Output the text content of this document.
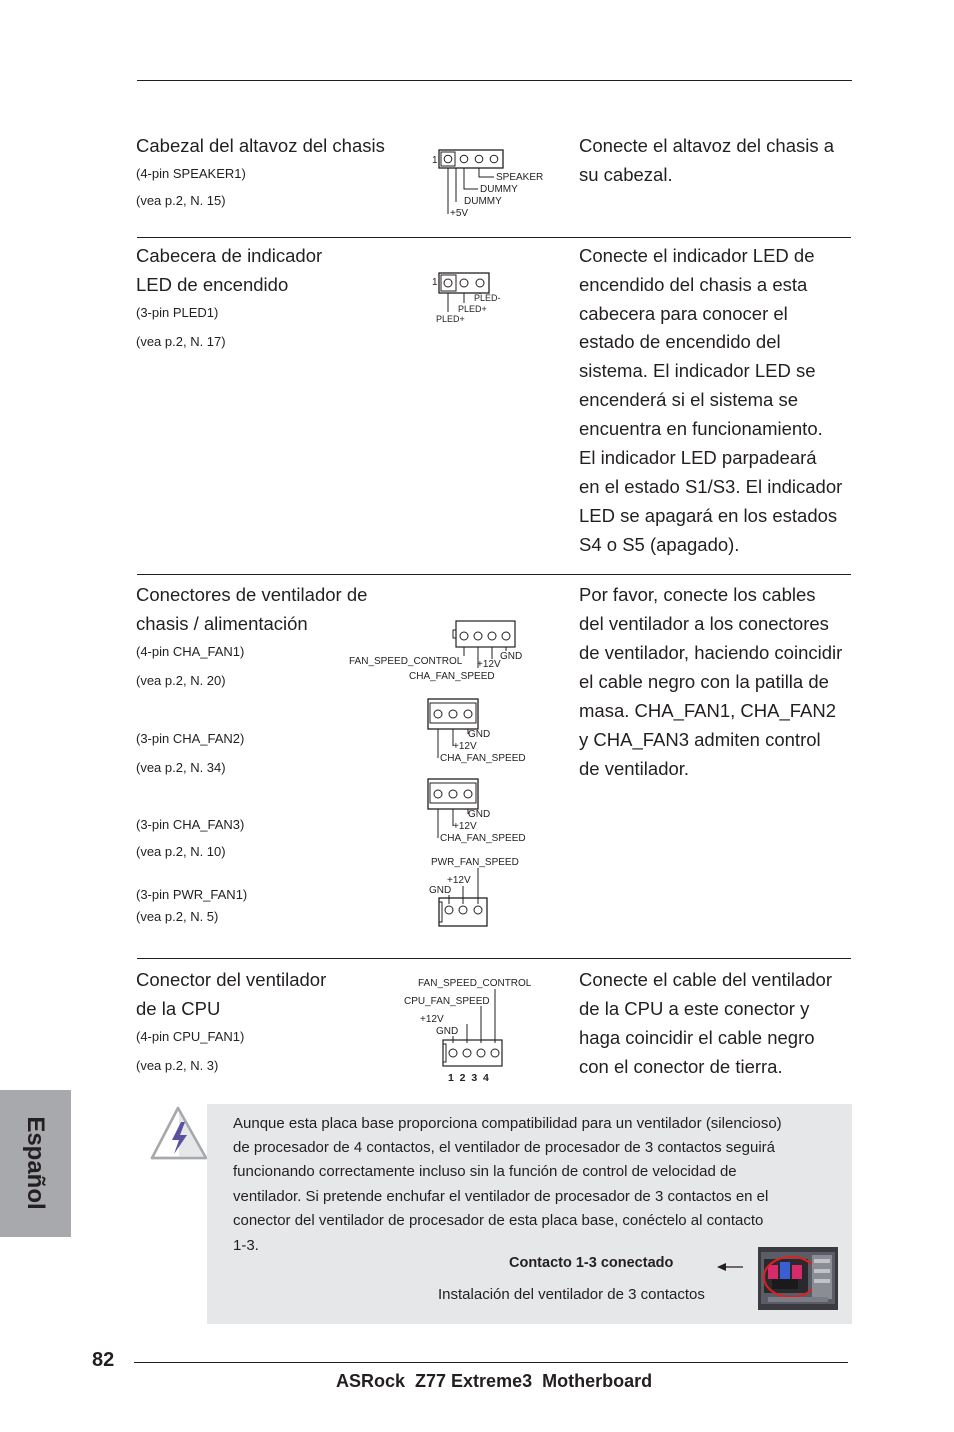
Cabezal del altavoz del chasis
(4-pin SPEAKER1)
(vea p.2, N. 15)
1
SPEAKER
DUMMY
DUMMY
+5V
Conecte el altavoz del chasis a
su cabezal.
Cabecera de indicador
LED de encendido
(3-pin PLED1)
(vea p.2, N. 17)
1
PLED-
PLED+
PLED+
Conecte el indicador LED de
encendido del chasis a esta
cabecera para conocer el
estado de encendido del
sistema. El indicador LED se
encenderá si el sistema se
encuentra en funcionamiento.
El indicador LED parpadeará
en el estado S1/S3. El indicador
LED se apagará en los estados
S4 o S5 (apagado).
Conectores de ventilador de
chasis / alimentación
(4-pin CHA_FAN1)
(vea p.2, N. 20)
(3-pin CHA_FAN2)
(vea p.2, N. 34)
(3-pin CHA_FAN3)
(vea p.2, N. 10)
(3-pin PWR_FAN1)
(vea p.2, N. 5)
FAN_SPEED_CONTROL +12V
GND
CHA_FAN_SPEED
GND
+12V
CHA_FAN_SPEED
GND
+12V
CHA_FAN_SPEED
PWR_FAN_SPEED
+12V
GND
Por favor, conecte los cables
del ventilador a los conectores
de ventilador, haciendo coincidir
el cable negro con la patilla de
masa. CHA_FAN1, CHA_FAN2
y CHA_FAN3 admiten control
de ventilador.
Conector del ventilador
de la CPU
(4-pin CPU_FAN1)
(vea p.2, N. 3)
FAN_SPEED_CONTROL
CPU_FAN_SPEED
+12V
GND
1  2  3  4
Conecte el cable del ventilador
de la CPU a este conector y
haga coincidir el cable negro
con el conector de tierra.
Aunque esta placa base proporciona compatibilidad para un ventilador (silencioso)
de procesador de 4 contactos, el ventilador de procesador de 3 contactos seguirá
funcionando correctamente incluso sin la función de control de velocidad de
ventilador. Si pretende enchufar el ventilador de procesador de 3 contactos en el
conector del ventilador de procesador de esta placa base, conéctelo al contacto
1-3.
Contacto 1-3 conectado
Instalación del ventilador de 3 contactos
Español
82
ASRock  Z77 Extreme3  Motherboard
